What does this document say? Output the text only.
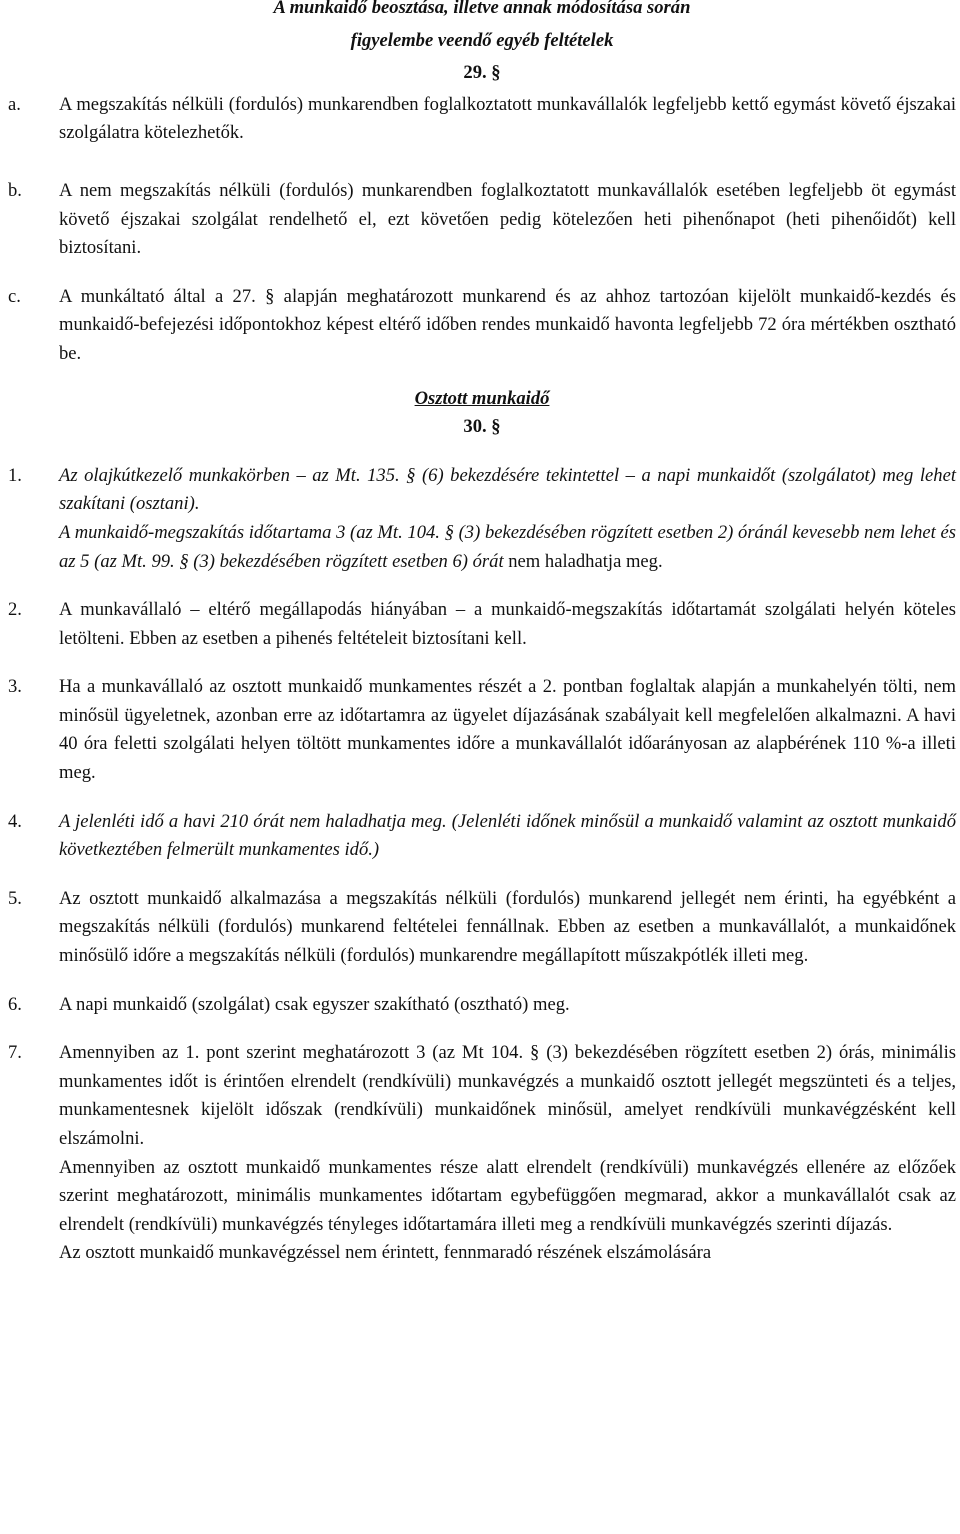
A munkaidő beosztása, illetve annak módosítása során

figyelembe veendő egyéb feltételek

29. §

a. A megszakítás nélküli (fordulós) munkarendben foglalkoztatott munkavállalók legfeljebb kettő egymást követő éjszakai szolgálatra kötelezhetők.
b. A nem megszakítás nélküli (fordulós) munkarendben foglalkoztatott munkavállalók esetében legfeljebb öt egymást követő éjszakai szolgálat rendelhető el, ezt követően pedig kötelezően heti pihenőnapot (heti pihenőidőt) kell biztosítani.
c. A munkáltató által a 27. § alapján meghatározott munkarend és az ahhoz tartozóan kijelölt munkaidő-kezdés és munkaidő-befejezési időpontokhoz képest eltérő időben rendes munkaidő havonta legfeljebb 72 óra mértékben osztható be.

Osztott munkaidő

30. §

1. Az olajkútkezelő munkakörben – az Mt. 135. § (6) bekezdésére tekintettel – a napi munkaidőt (szolgálatot) meg lehet szakítani (osztani).

A munkaidő-megszakítás időtartama 3 (az Mt. 104. § (3) bekezdésében rögzített esetben 2) óránál kevesebb nem lehet és az 5 (az Mt. 99. § (3) bekezdésében rögzített esetben 6) órát nem haladhatja meg.

2. A munkavállaló – eltérő megállapodás hiányában – a munkaidő-megszakítás időtartamát szolgálati helyén köteles letölteni. Ebben az esetben a pihenés feltételeit biztosítani kell.
3. Ha a munkavállaló az osztott munkaidő munkamentes részét a 2. pontban foglaltak alapján a munkahelyén tölti, nem minősül ügyeletnek, azonban erre az időtartamra az ügyelet díjazásának szabályait kell megfelelően alkalmazni. A havi 40 óra feletti szolgálati helyen töltött munkamentes időre a munkavállalót időarányosan az alapbérének 110 %-a illeti meg.
4. A jelenléti idő a havi 210 órát nem haladhatja meg. (Jelenléti időnek minősül a munkaidő valamint az osztott munkaidő következtében felmerült munkamentes idő.)
5. Az osztott munkaidő alkalmazása a megszakítás nélküli (fordulós) munkarend jellegét nem érinti, ha egyébként a megszakítás nélküli (fordulós) munkarend feltételei fennállnak. Ebben az esetben a munkavállalót, a munkaidőnek minősülő időre a megszakítás nélküli (fordulós) munkarendre megállapított műszakpótlék illeti meg.
6. A napi munkaidő (szolgálat) csak egyszer szakítható (osztható) meg.
7. Amennyiben az 1. pont szerint meghatározott 3 (az Mt 104. § (3) bekezdésében rögzített esetben 2) órás, minimális munkamentes időt is érintően elrendelt (rendkívüli) munkavégzés a munkaidő osztott jellegét megszünteti és a teljes, munkamentesnek kijelölt időszak (rendkívüli) munkaidőnek minősül, amelyet rendkívüli munkavégzésként kell elszámolni.

Amennyiben az osztott munkaidő munkamentes része alatt elrendelt (rendkívüli) munkavégzés ellenére az előzőek szerint meghatározott, minimális munkamentes időtartam egybefüggően megmarad, akkor a munkavállalót csak az elrendelt (rendkívüli) munkavégzés tényleges időtartamára illeti meg a rendkívüli munkavégzés szerinti díjazás.

Az osztott munkaidő munkavégzéssel nem érintett, fennmaradó részének elszámolására
